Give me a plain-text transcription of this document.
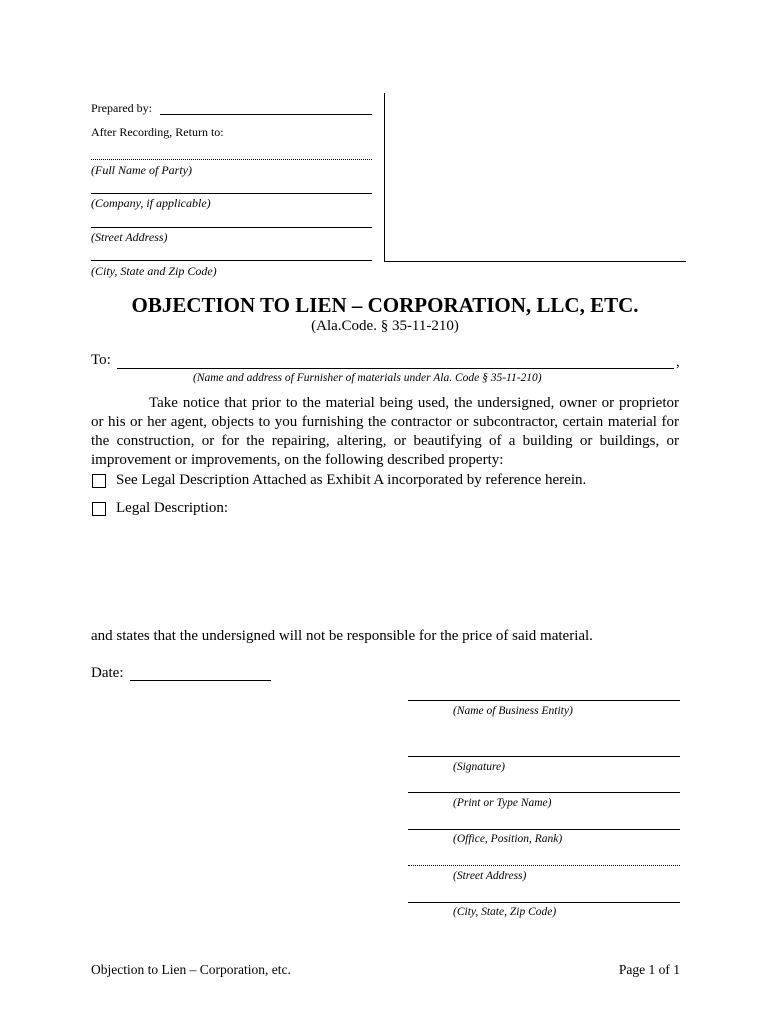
Prepared by:
After Recording, Return to:
(Full Name of Party)
(Company, if applicable)
(Street Address)
(City, State and Zip Code)
OBJECTION TO LIEN – CORPORATION, LLC, ETC.
(Ala.Code. § 35-11-210)
To:	,
(Name and address of Furnisher of materials under Ala. Code § 35-11-210)
Take notice that prior to the material being used, the undersigned, owner or proprietor or his or her agent, objects to you furnishing the contractor or subcontractor, certain material for the construction, or for the repairing, altering, or beautifying of a building or buildings, or improvement or improvements, on the following described property:
See Legal Description Attached as Exhibit A incorporated by reference herein.
Legal Description:
and states that the undersigned will not be responsible for the price of said material.
Date:
(Name of Business Entity)
(Signature)
(Print or Type Name)
(Office, Position, Rank)
(Street Address)
(City, State, Zip Code)
Objection to Lien – Corporation, etc.	Page 1 of 1
